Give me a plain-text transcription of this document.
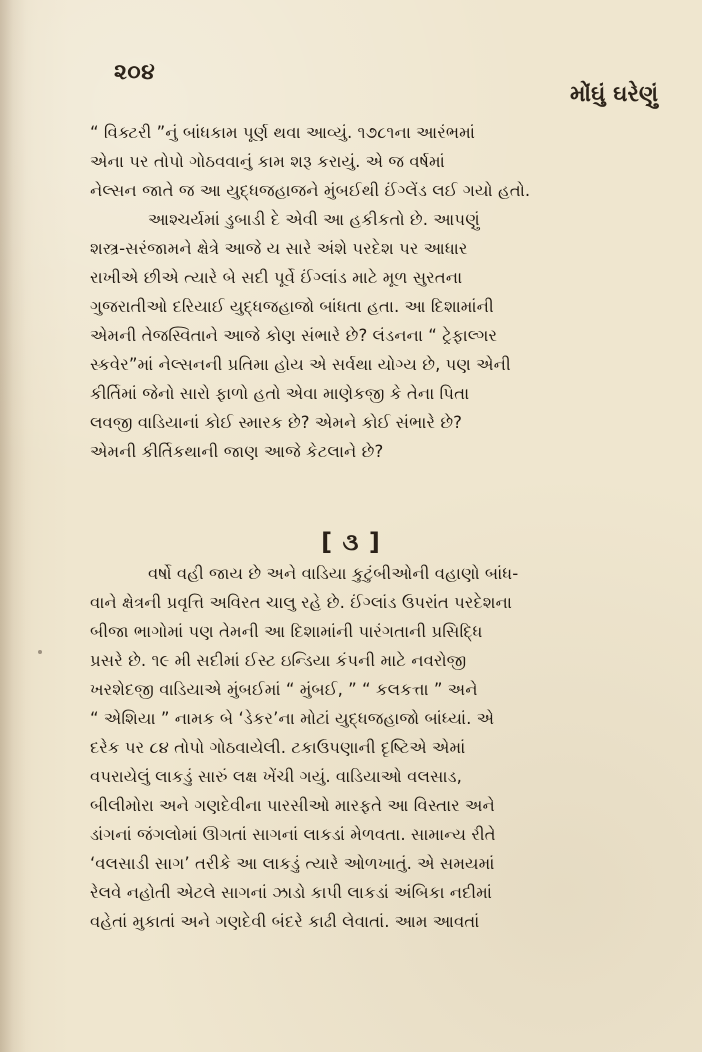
૨૦૪
મોંઘું ઘરેણું
“ વિક્ટરી ”નું બાંધકામ પૂર્ણ થવા આવ્યું. ૧૭૮૧ના આરંભમાં
એના પર તોપો ગોઠવવાનું કામ શરૂ કરાયું. એ જ વર્ષમાં
નેલ્સન જાતે જ આ યુદ્ધજહાજને મુંબઈથી ઈંગ્લેંડ લઈ ગયો હતો.
આશ્ચર્યમાં ડુબાડી દે એવી આ હકીકતો છે. આપણું
શસ્ત્ર-સરંજામને ક્ષેત્રે આજે ય સારે અંશે પરદેશ પર આધાર
રાખીએ છીએ ત્યારે બે સદી પૂર્વે ઈંગ્લાંડ માટે મૂળ સુરતના
ગુજરાતીઓ દરિયાઈ યુદ્ધજહાજો બાંધતા હતા. આ દિશામાંની
એમની તેજસ્વિતાને આજે કોણ સંભારે છે? લંડનના “ ટ્રેફાલ્ગર
સ્કવેર”માં નેલ્સનની પ્રતિમા હોય એ સર્વથા યોગ્ય છે, પણ એની
કીર્તિમાં જેનો સારો ફાળો હતો એવા માણેકજી કે તેના પિતા
લવજી વાડિયાનાં કોઈ સ્મારક છે? એમને કોઈ સંભારે છે?
એમની કીર્તિકથાની જાણ આજે કેટલાને છે?
[ ૩ ]
વર્ષો વહી જાય છે અને વાડિયા કુટુંબીઓની વહાણો બાંધ-
વાને ક્ષેત્રની પ્રવૃત્તિ અવિરત ચાલુ રહે છે. ઈંગ્લાંડ ઉપરાંત પરદેશના
બીજા ભાગોમાં પણ તેમની આ દિશામાંની પારંગતાની પ્રસિદ્ધિ
પ્રસરે છે. ૧૯ મી સદીમાં ઈસ્ટ ઇન્ડિયા કંપની માટે નવરોજી
ખરશેદજી વાડિયાએ મુંબઈમાં “ મુંબઈ, ” “ કલકત્તા ” અને
“ એશિયા ” નામક બે ‘ડેકર’ના મોટાં યુદ્ધજહાજો બાંધ્યાં. એ
દરેક પર ૮૪ તોપો ગોઠવાયેલી. ટકાઉપણાની દૃષ્ટિએ એમાં
વપરાયેલું લાકડું સારું લક્ષ ખેંચી ગયું. વાડિયાઓ વલસાડ,
બીલીમોરા અને ગણદેવીના પારસીઓ મારફતે આ વિસ્તાર અને
ડાંગનાં જંગલોમાં ઊગતાં સાગનાં લાકડાં મેળવતા. સામાન્ય રીતે
‘વલસાડી સાગ’ તરીકે આ લાકડું ત્યારે ઓળખાતું. એ સમયમાં
રેલવે નહોતી એટલે સાગનાં ઝાડો કાપી લાકડાં અંબિકા નદીમાં
વહેતાં મુકાતાં અને ગણદેવી બંદરે કાઢી લેવાતાં. આમ આવતાં
